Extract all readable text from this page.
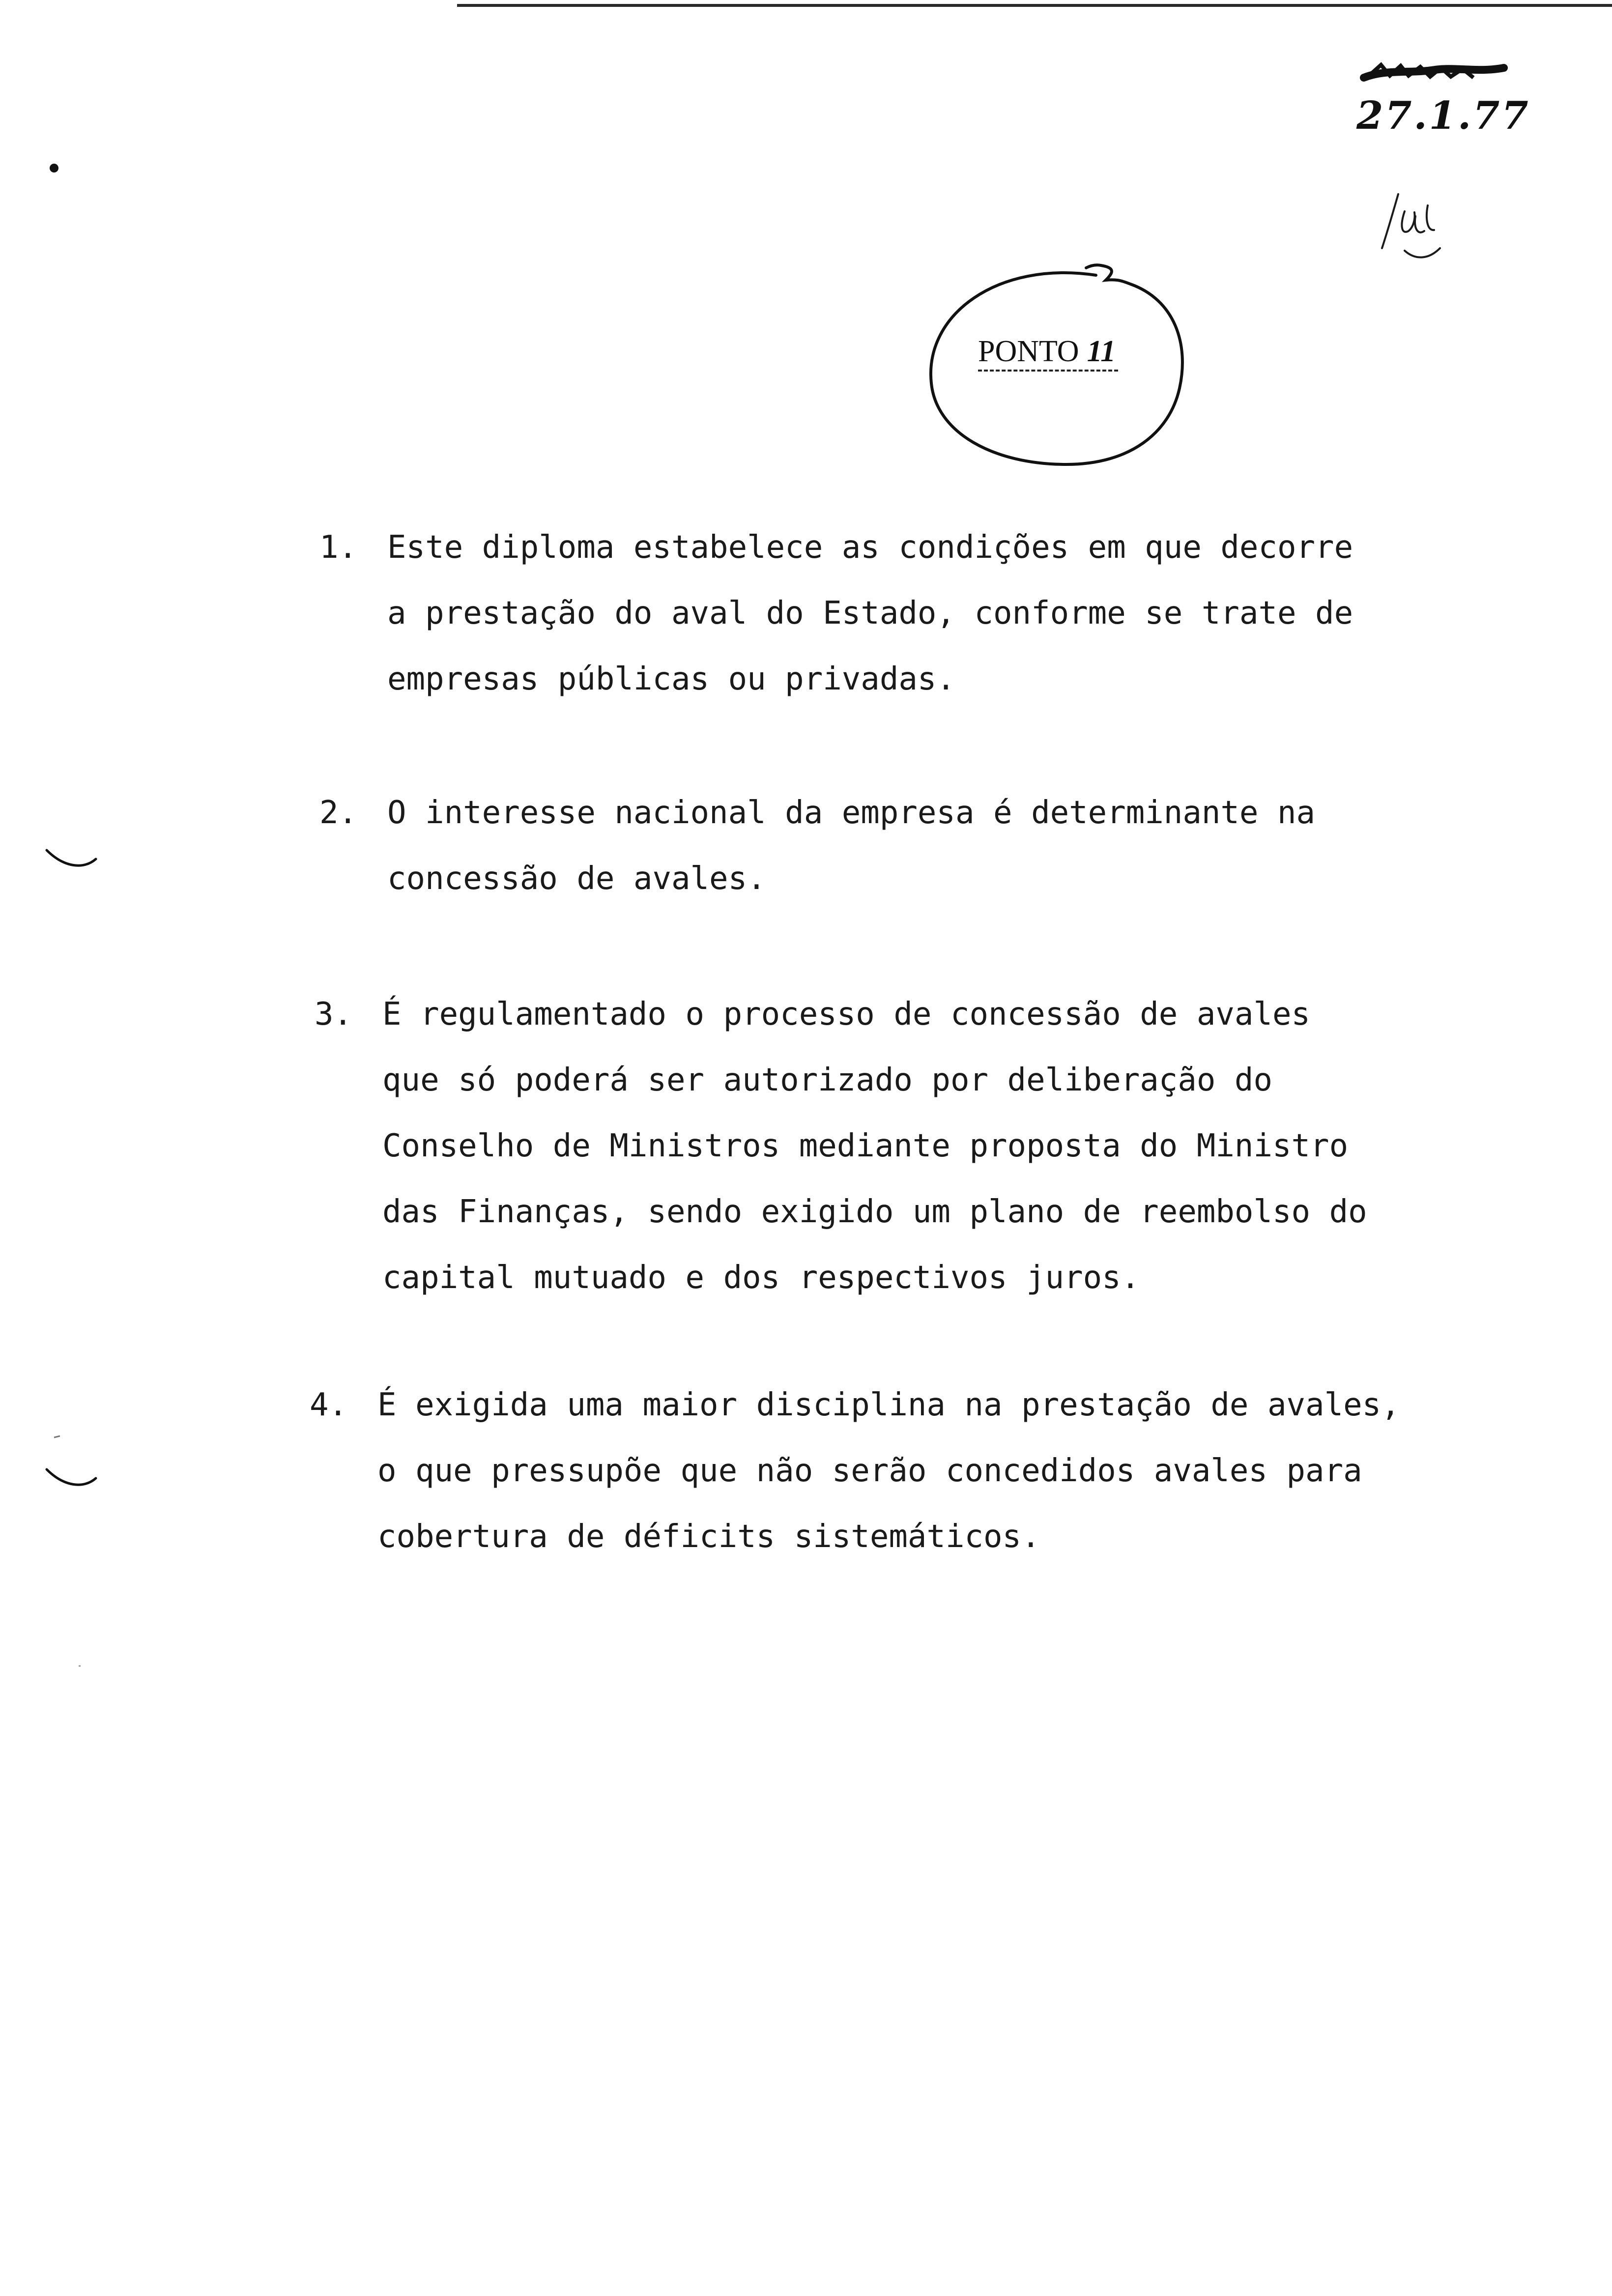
27.1.77
PONTO 11
1. Este diploma estabelece as condições em que decorre
a prestação do aval do Estado, conforme se trate de
empresas públicas ou privadas.
2. O interesse nacional da empresa é determinante na
concessão de avales.
3. É regulamentado o processo de concessão de avales
que só poderá ser autorizado por deliberação do
Conselho de Ministros mediante proposta do Ministro
das Finanças, sendo exigido um plano de reembolso do
capital mutuado e dos respectivos juros.
4. É exigida uma maior disciplina na prestação de avales,
o que pressupõe que não serão concedidos avales para
cobertura de déficits sistemáticos.
